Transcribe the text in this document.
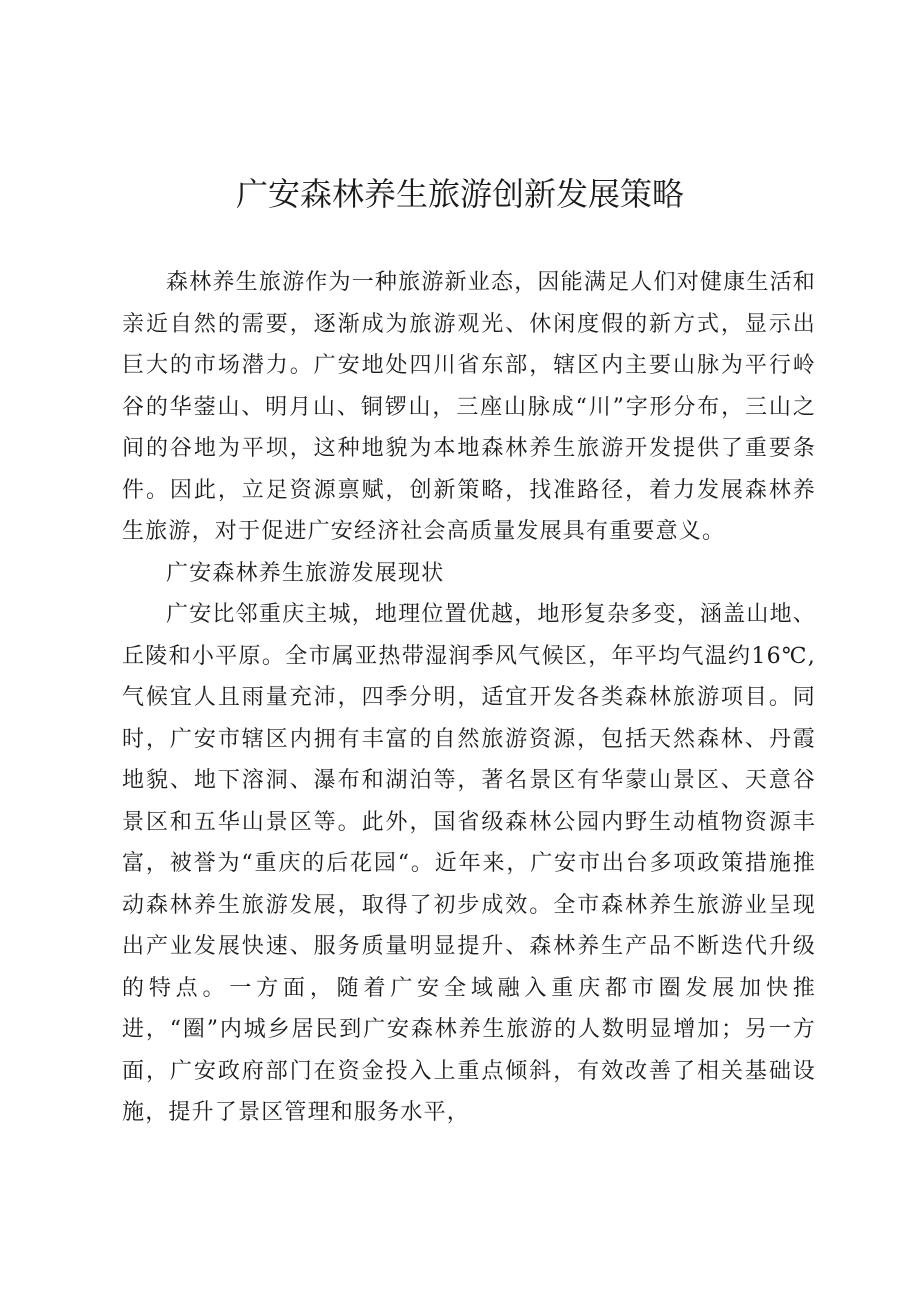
广安森林养生旅游创新发展策略

森林养生旅游作为一种旅游新业态，因能满足人们对健康生活和亲近自然的需要，逐渐成为旅游观光、休闲度假的新方式，显示出巨大的市场潜力。广安地处四川省东部，辖区内主要山脉为平行岭谷的华蓥山、明月山、铜锣山，三座山脉成“川”字形分布，三山之间的谷地为平坝，这种地貌为本地森林养生旅游开发提供了重要条件。因此，立足资源禀赋，创新策略，找准路径，着力发展森林养生旅游，对于促进广安经济社会高质量发展具有重要意义。

广安森林养生旅游发展现状

广安比邻重庆主城，地理位置优越，地形复杂多变，涵盖山地、丘陵和小平原。全市属亚热带湿润季风气候区，年平均气温约16℃,气候宜人且雨量充沛，四季分明，适宜开发各类森林旅游项目。同时，广安市辖区内拥有丰富的自然旅游资源，包括天然森林、丹霞地貌、地下溶洞、瀑布和湖泊等，著名景区有华蒙山景区、天意谷景区和五华山景区等。此外，国省级森林公园内野生动植物资源丰富，被誉为“重庆的后花园“。近年来，广安市出台多项政策措施推动森林养生旅游发展，取得了初步成效。全市森林养生旅游业呈现出产业发展快速、服务质量明显提升、森林养生产品不断迭代升级的特点。一方面，随着广安全域融入重庆都市圈发展加快推进，“圈”内城乡居民到广安森林养生旅游的人数明显增加；另一方面，广安政府部门在资金投入上重点倾斜，有效改善了相关基础设施，提升了景区管理和服务水平，
